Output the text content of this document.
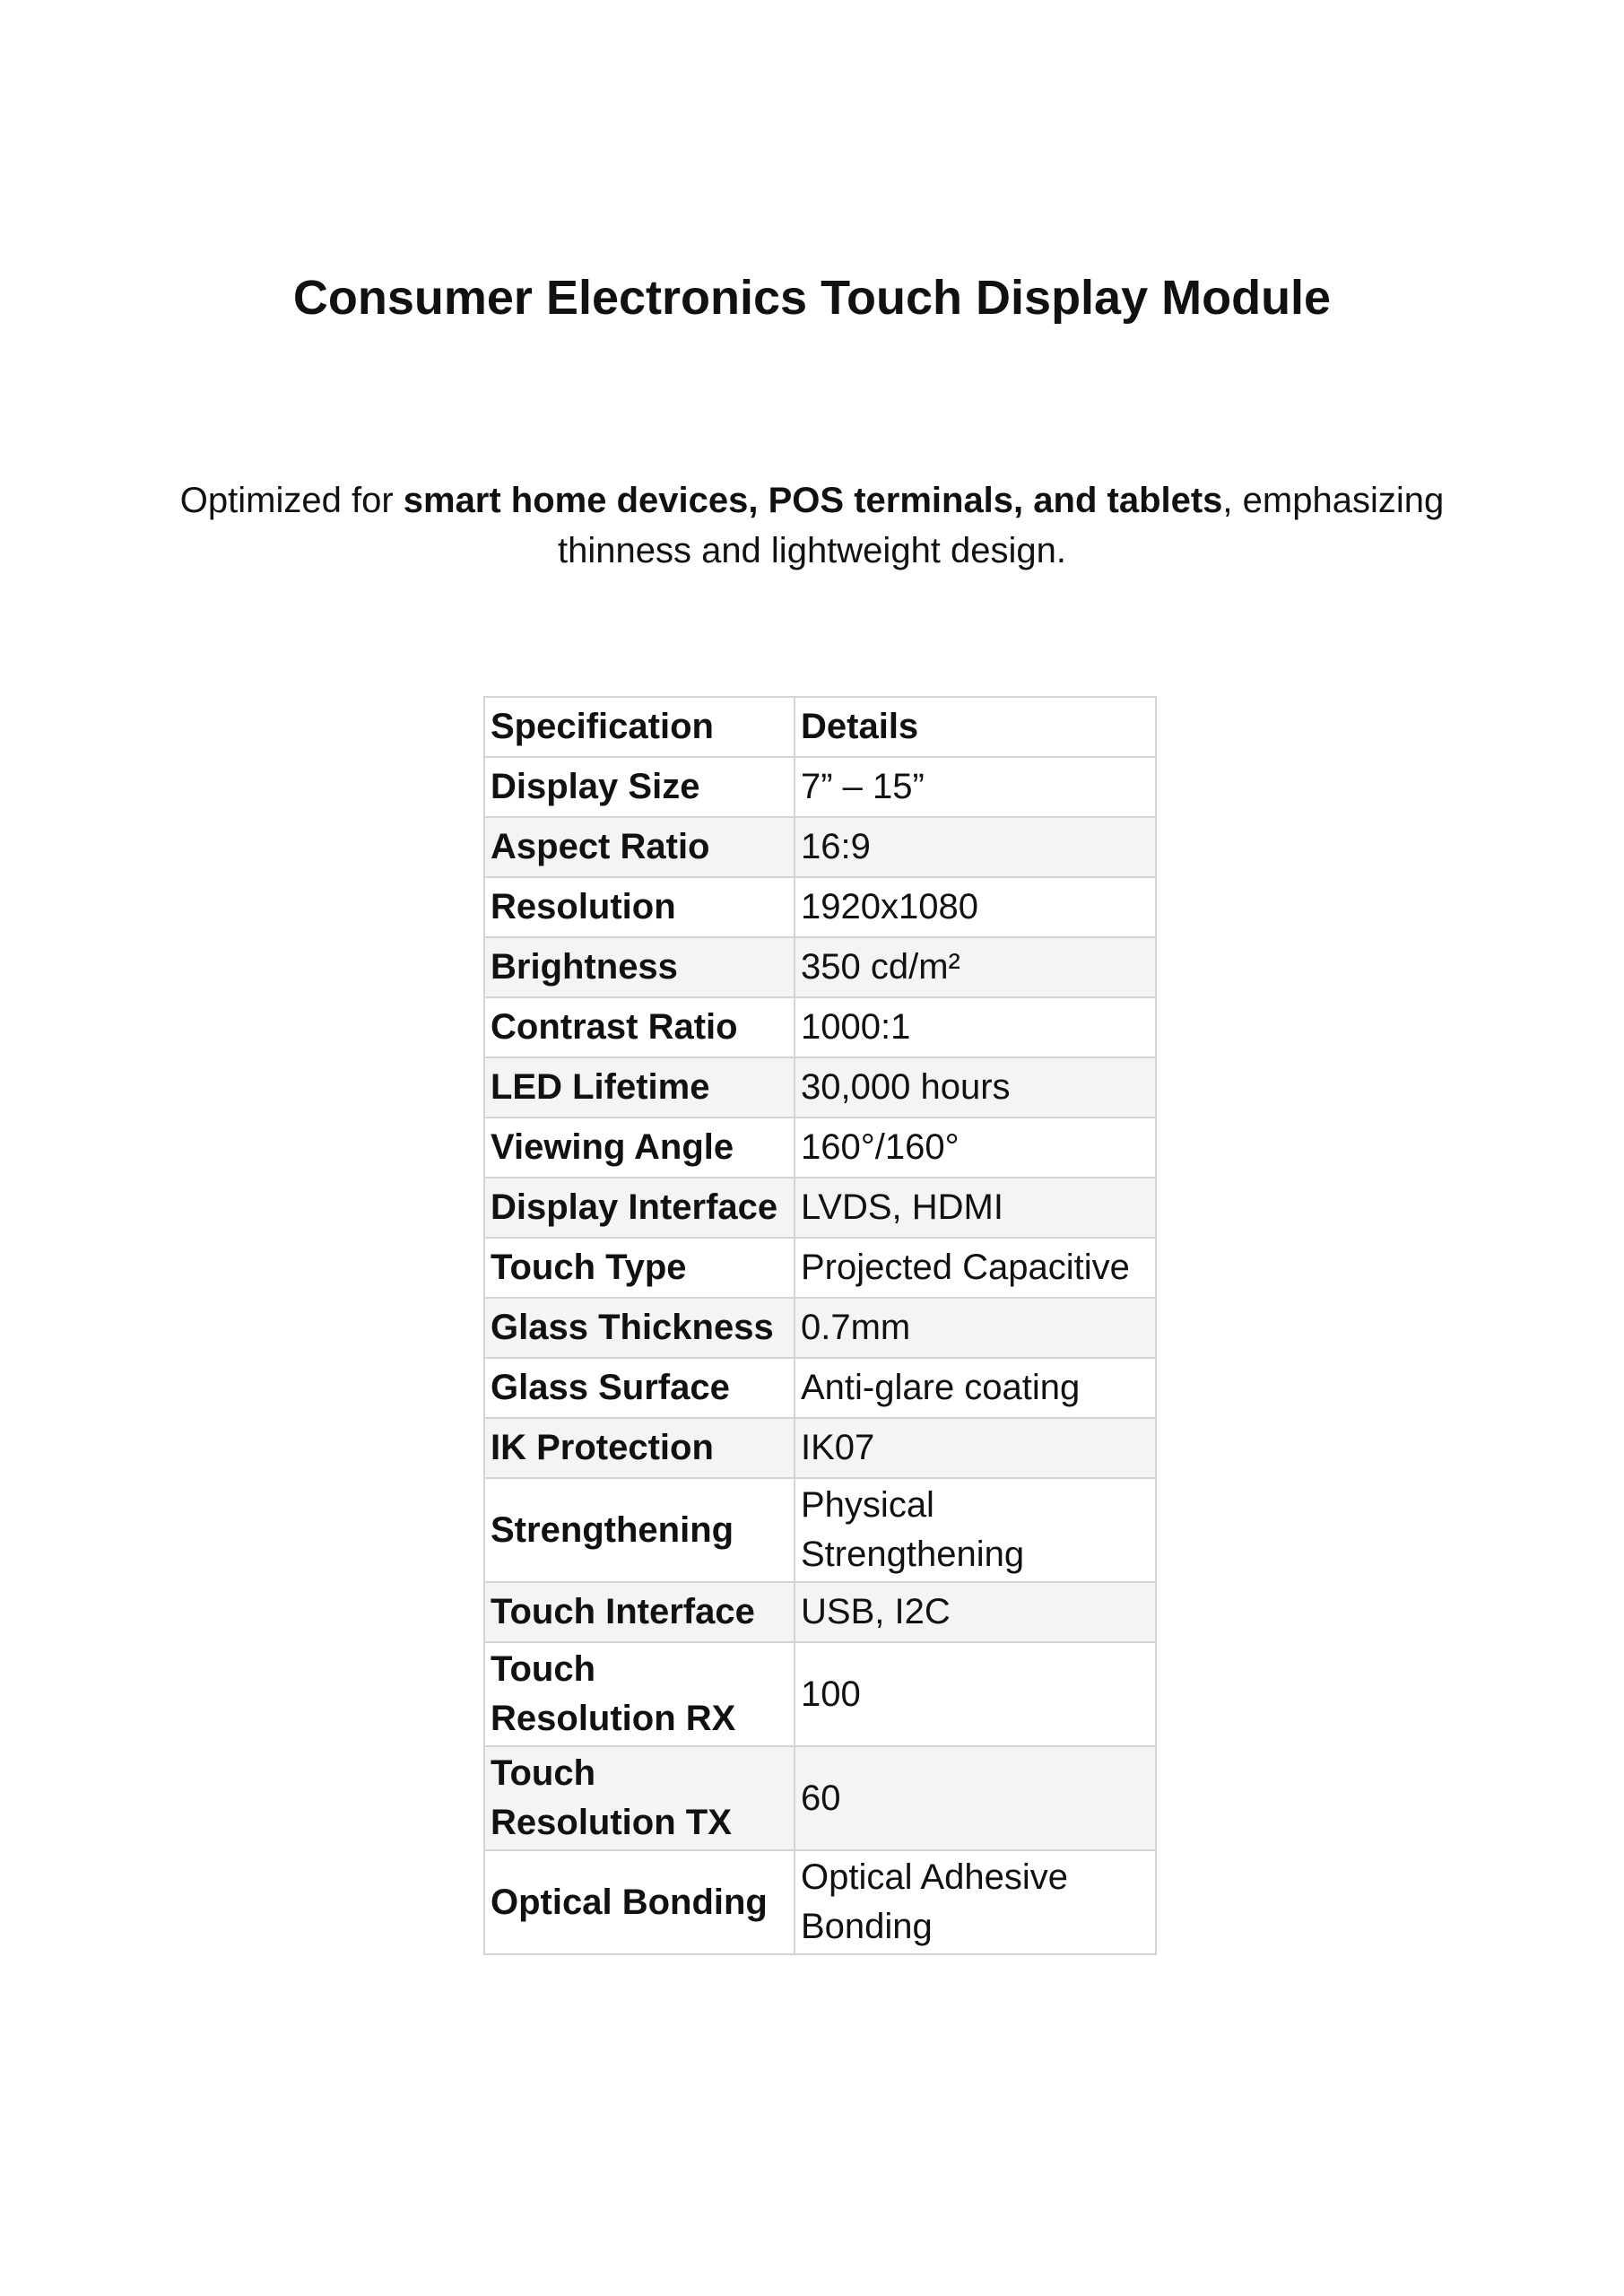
Consumer Electronics Touch Display Module

Optimized for smart home devices, POS terminals, and tablets, emphasizing thinness and lightweight design.

Specification	Details
Display Size	7” – 15”
Aspect Ratio	16:9
Resolution	1920x1080
Brightness	350 cd/m²
Contrast Ratio	1000:1
LED Lifetime	30,000 hours
Viewing Angle	160°/160°
Display Interface	LVDS, HDMI
Touch Type	Projected Capacitive
Glass Thickness	0.7mm
Glass Surface	Anti-glare coating
IK Protection	IK07
Strengthening	Physical Strengthening
Touch Interface	USB, I2C
Touch Resolution RX	100
Touch Resolution TX	60
Optical Bonding	Optical Adhesive Bonding
